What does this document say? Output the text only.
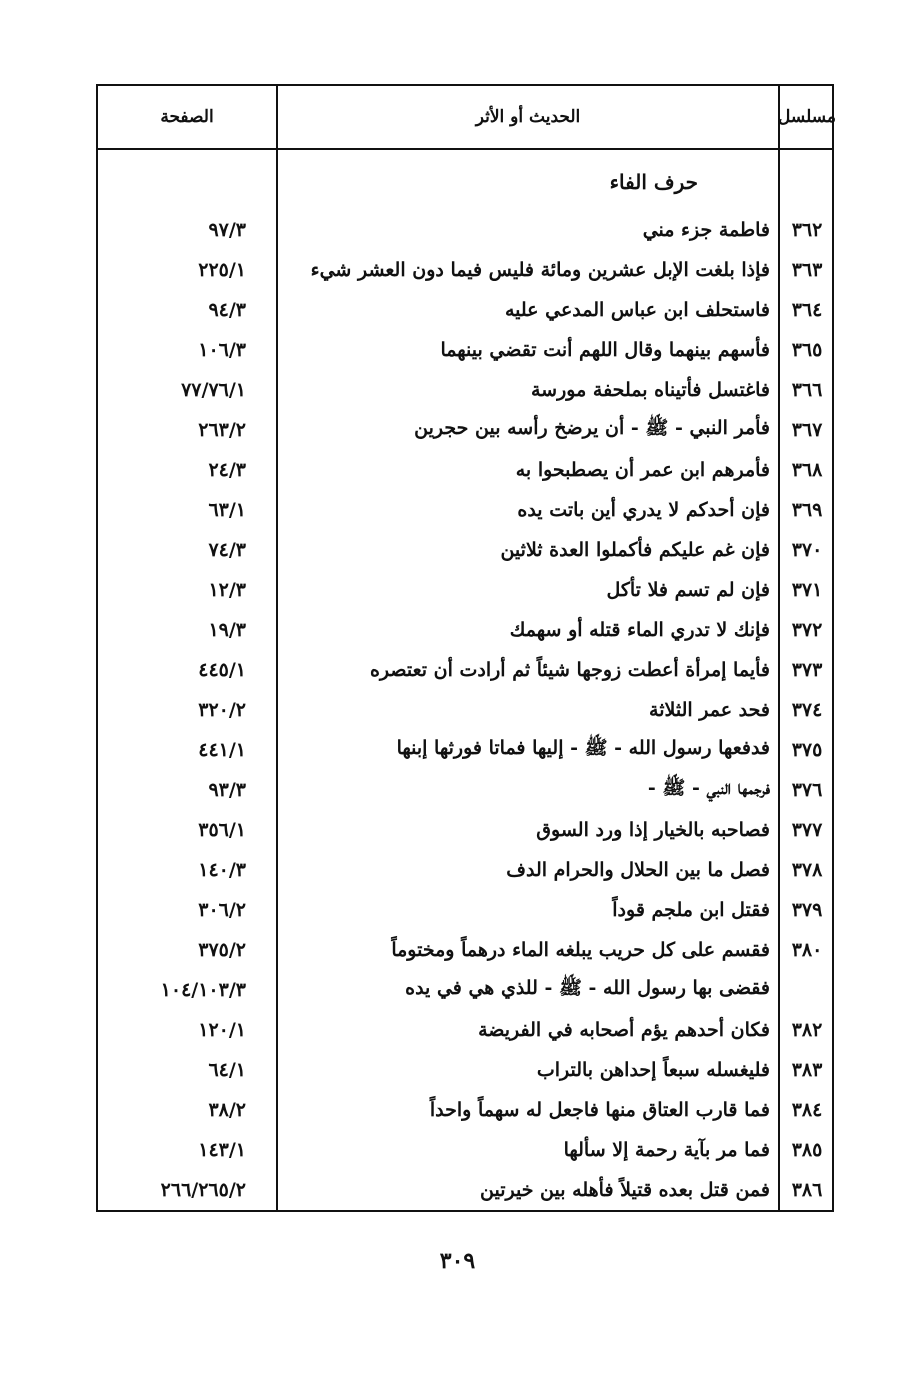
مسلسل
الحديث أو الأثر
الصفحة
حرف الفاء
٣٦٢
فاطمة جزء مني
٩٧/٣
٣٦٣
فإذا بلغت الإبل عشرين ومائة فليس فيما دون العشر شيء
٢٢٥/١
٣٦٤
فاستحلف ابن عباس المدعي عليه
٩٤/٣
٣٦٥
فأسهم بينهما وقال اللهم أنت تقضي بينهما
١٠٦/٣
٣٦٦
فاغتسل فأتيناه بملحفة مورسة
٧٧/٧٦/١
٣٦٧
فأمر النبي - ﷺ - أن يرضخ رأسه بين حجرين
٢٦٣/٢
٣٦٨
فأمرهم ابن عمر أن يصطبحوا به
٢٤/٣
٣٦٩
فإن أحدكم لا يدري أين باتت يده
٦٣/١
٣٧٠
فإن غم عليكم فأكملوا العدة ثلاثين
٧٤/٣
٣٧١
فإن لم تسم فلا تأكل
١٢/٣
٣٧٢
فإنك لا تدري الماء قتله أو سهمك
١٩/٣
٣٧٣
فأيما إمرأة أعطت زوجها شيئاً ثم أرادت أن تعتصره
٤٤٥/١
٣٧٤
فحد عمر الثلاثة
٣٢٠/٢
٣٧٥
فدفعها رسول الله - ﷺ - إليها فماتا فورثها إبنها
٤٤١/١
٣٧٦
فرجمها النبي - ﷺ -
٩٣/٣
٣٧٧
فصاحبه بالخيار إذا ورد السوق
٣٥٦/١
٣٧٨
فصل ما بين الحلال والحرام الدف
١٤٠/٣
٣٧٩
فقتل ابن ملجم قوداً
٣٠٦/٢
٣٨٠
فقسم على كل حريب يبلغه الماء درهماً ومختوماً
٣٧٥/٢
فقضى بها رسول الله - ﷺ - للذي هي في يده
١٠٤/١٠٣/٣
٣٨٢
فكان أحدهم يؤم أصحابه في الفريضة
١٢٠/١
٣٨٣
فليغسله سبعاً إحداهن بالتراب
٦٤/١
٣٨٤
فما قارب العتاق منها فاجعل له سهماً واحداً
٣٨/٢
٣٨٥
فما مر بآية رحمة إلا سألها
١٤٣/١
٣٨٦
فمن قتل بعده قتيلاً فأهله بين خيرتين
٢٦٦/٢٦٥/٢
٣٠٩
